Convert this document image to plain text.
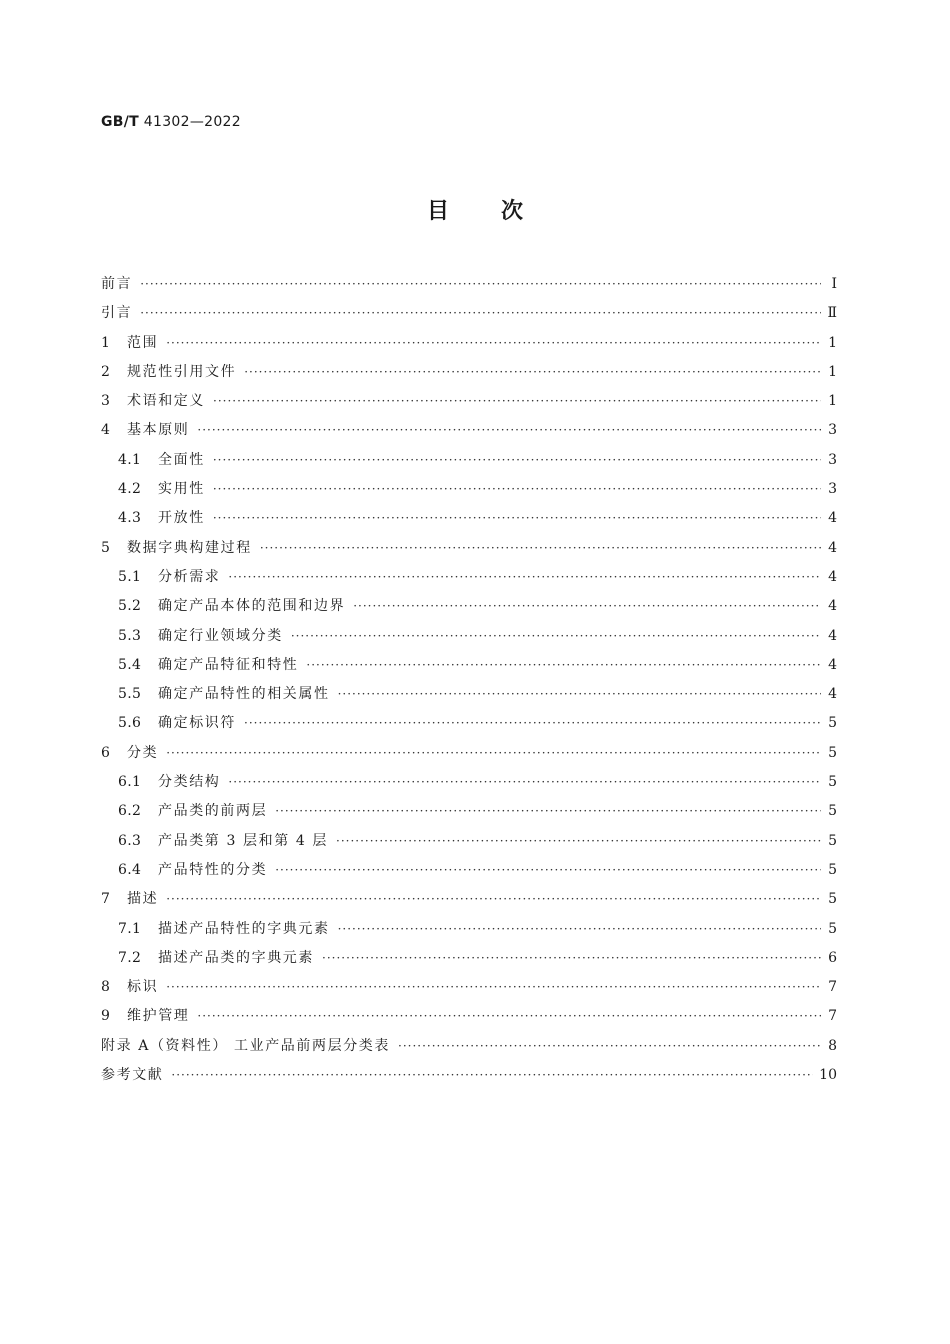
GB/T 41302—2022
目 次
前言 ·····	Ⅰ
引言 ·····	Ⅱ
1	范围 ·····	1
2	规范性引用文件 ·····	1
3	术语和定义 ·····	1
4	基本原则 ·····	3
4.1	全面性 ·····	3
4.2	实用性 ·····	3
4.3	开放性 ·····	4
5	数据字典构建过程 ·····	4
5.1	分析需求 ·····	4
5.2	确定产品本体的范围和边界 ·····	4
5.3	确定行业领域分类 ·····	4
5.4	确定产品特征和特性 ·····	4
5.5	确定产品特性的相关属性 ·····	4
5.6	确定标识符 ·····	5
6	分类 ·····	5
6.1	分类结构 ·····	5
6.2	产品类的前两层 ·····	5
6.3	产品类第 3 层和第 4 层 ·····	5
6.4	产品特性的分类 ·····	5
7	描述 ·····	5
7.1	描述产品特性的字典元素 ·····	5
7.2	描述产品类的字典元素 ·····	6
8	标识 ·····	7
9	维护管理 ·····	7
附录 A（资料性） 工业产品前两层分类表 ·····	8
参考文献 ·····	10
